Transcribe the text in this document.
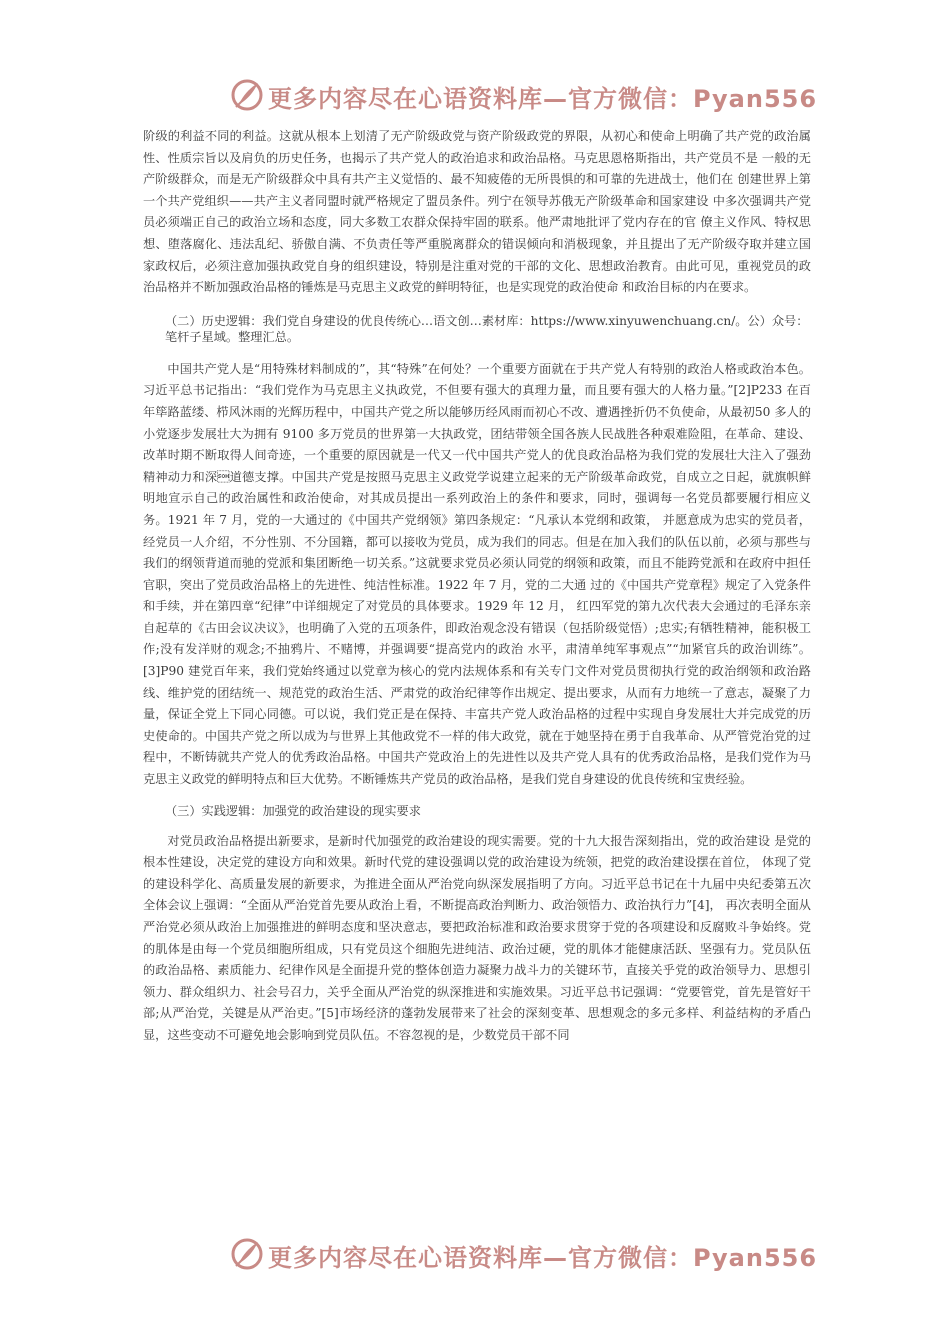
更多内容尽在心语资料库—官方微信：Pyan556

阶级的利益不同的利益。这就从根本上划清了无产阶级政党与资产阶级政党的界限，从初心和使命上明确了共产党的政治属性、性质宗旨以及肩负的历史任务，也揭示了共产党人的政治追求和政治品格。马克思恩格斯指出，共产党员不是 一般的无产阶级群众，而是无产阶级群众中具有共产主义觉悟的、最不知疲倦的无所畏惧的和可靠的先进战士，他们在 创建世界上第一个共产党组织——共产主义者同盟时就严格规定了盟员条件。列宁在领导苏俄无产阶级革命和国家建设 中多次强调共产党员必须端正自己的政治立场和态度，同大多数工农群众保持牢固的联系。他严肃地批评了党内存在的官 僚主义作风、特权思想、堕落腐化、违法乱纪、骄傲自满、不负责任等严重脱离群众的错误倾向和消极现象，并且提出了无产阶级夺取并建立国家政权后，必须注意加强执政党自身的组织建设，特别是注重对党的干部的文化、思想政治教育。由此可见，重视党员的政治品格并不断加强政治品格的锤炼是马克思主义政党的鲜明特征，也是实现党的政治使命 和政治目标的内在要求。

（二）历史逻辑：我们党自身建设的优良传统心…语文创…素材库：https://www.xinyuwenchuang.cn/。公）众号：笔杆子星域。整理汇总。

中国共产党人是“用特殊材料制成的”，其“特殊”在何处？一个重要方面就在于共产党人有特别的政治人格或政治本色。习近平总书记指出：“我们党作为马克思主义执政党，不但要有强大的真理力量，而且要有强大的人格力量。”[2]P233 在百年筚路蓝缕、栉风沐雨的光辉历程中，中国共产党之所以能够历经风雨而初心不改、遭遇挫折仍不负使命，从最初50 多人的小党逐步发展壮大为拥有 9100 多万党员的世界第一大执政党，团结带领全国各族人民战胜各种艰难险阻，在革命、建设、改革时期不断取得人间奇迹，一个重要的原因就是一代又一代中国共产党人的优良政治品格为我们党的发展壮大注入了强劲精神动力和深道德支撑。中国共产党是按照马克思主义政党学说建立起来的无产阶级革命政党，自成立之日起，就旗帜鲜明地宣示自己的政治属性和政治使命，对其成员提出一系列政治上的条件和要求，同时，强调每一名党员都要履行相应义务。1921 年 7 月，党的一大通过的《中国共产党纲领》第四条规定：“凡承认本党纲和政策， 并愿意成为忠实的党员者，经党员一人介绍，不分性别、不分国籍，都可以接收为党员，成为我们的同志。但是在加入我们的队伍以前，必须与那些与我们的纲领背道而驰的党派和集团断绝一切关系。”这就要求党员必须认同党的纲领和政策，而且不能跨党派和在政府中担任官职，突出了党员政治品格上的先进性、纯洁性标准。1922 年 7 月，党的二大通 过的《中国共产党章程》规定了入党条件和手续，并在第四章“纪律”中详细规定了对党员的具体要求。1929 年 12 月， 红四军党的第九次代表大会通过的毛泽东亲自起草的《古田会议决议》，也明确了入党的五项条件，即政治观念没有错误（包括阶级觉悟）;忠实;有牺牲精神，能积极工作;没有发洋财的观念;不抽鸦片、不赌博，并强调要“提高党内的政治 水平，肃清单纯军事观点”“加紧官兵的政治训练”。[3]P90 建党百年来，我们党始终通过以党章为核心的党内法规体系和有关专门文件对党员贯彻执行党的政治纲领和政治路线、维护党的团结统一、规范党的政治生活、严肃党的政治纪律等作出规定、提出要求，从而有力地统一了意志，凝聚了力量，保证全党上下同心同德。可以说，我们党正是在保持、丰富共产党人政治品格的过程中实现自身发展壮大并完成党的历史使命的。中国共产党之所以成为与世界上其他政党不一样的伟大政党，就在于她坚持在勇于自我革命、从严管党治党的过程中，不断铸就共产党人的优秀政治品格。中国共产党政治上的先进性以及共产党人具有的优秀政治品格，是我们党作为马克思主义政党的鲜明特点和巨大优势。不断锤炼共产党员的政治品格，是我们党自身建设的优良传统和宝贵经验。

（三）实践逻辑：加强党的政治建设的现实要求

对党员政治品格提出新要求，是新时代加强党的政治建设的现实需要。党的十九大报告深刻指出，党的政治建设 是党的根本性建设，决定党的建设方向和效果。新时代党的建设强调以党的政治建设为统领，把党的政治建设摆在首位， 体现了党的建设科学化、高质量发展的新要求，为推进全面从严治党向纵深发展指明了方向。习近平总书记在十九届中央纪委第五次全体会议上强调：“全面从严治党首先要从政治上看，不断提高政治判断力、政治领悟力、政治执行力”[4]， 再次表明全面从严治党必须从政治上加强推进的鲜明态度和坚决意志，要把政治标准和政治要求贯穿于党的各项建设和反腐败斗争始终。党的肌体是由每一个党员细胞所组成，只有党员这个细胞先进纯洁、政治过硬，党的肌体才能健康活跃、坚强有力。党员队伍的政治品格、素质能力、纪律作风是全面提升党的整体创造力凝聚力战斗力的关键环节，直接关乎党的政治领导力、思想引领力、群众组织力、社会号召力，关乎全面从严治党的纵深推进和实施效果。习近平总书记强调：“党要管党，首先是管好干部;从严治党，关键是从严治吏。”[5]市场经济的蓬勃发展带来了社会的深刻变革、思想观念的多元多样、利益结构的矛盾凸显，这些变动不可避免地会影响到党员队伍。不容忽视的是，少数党员干部不同

更多内容尽在心语资料库—官方微信：Pyan556
